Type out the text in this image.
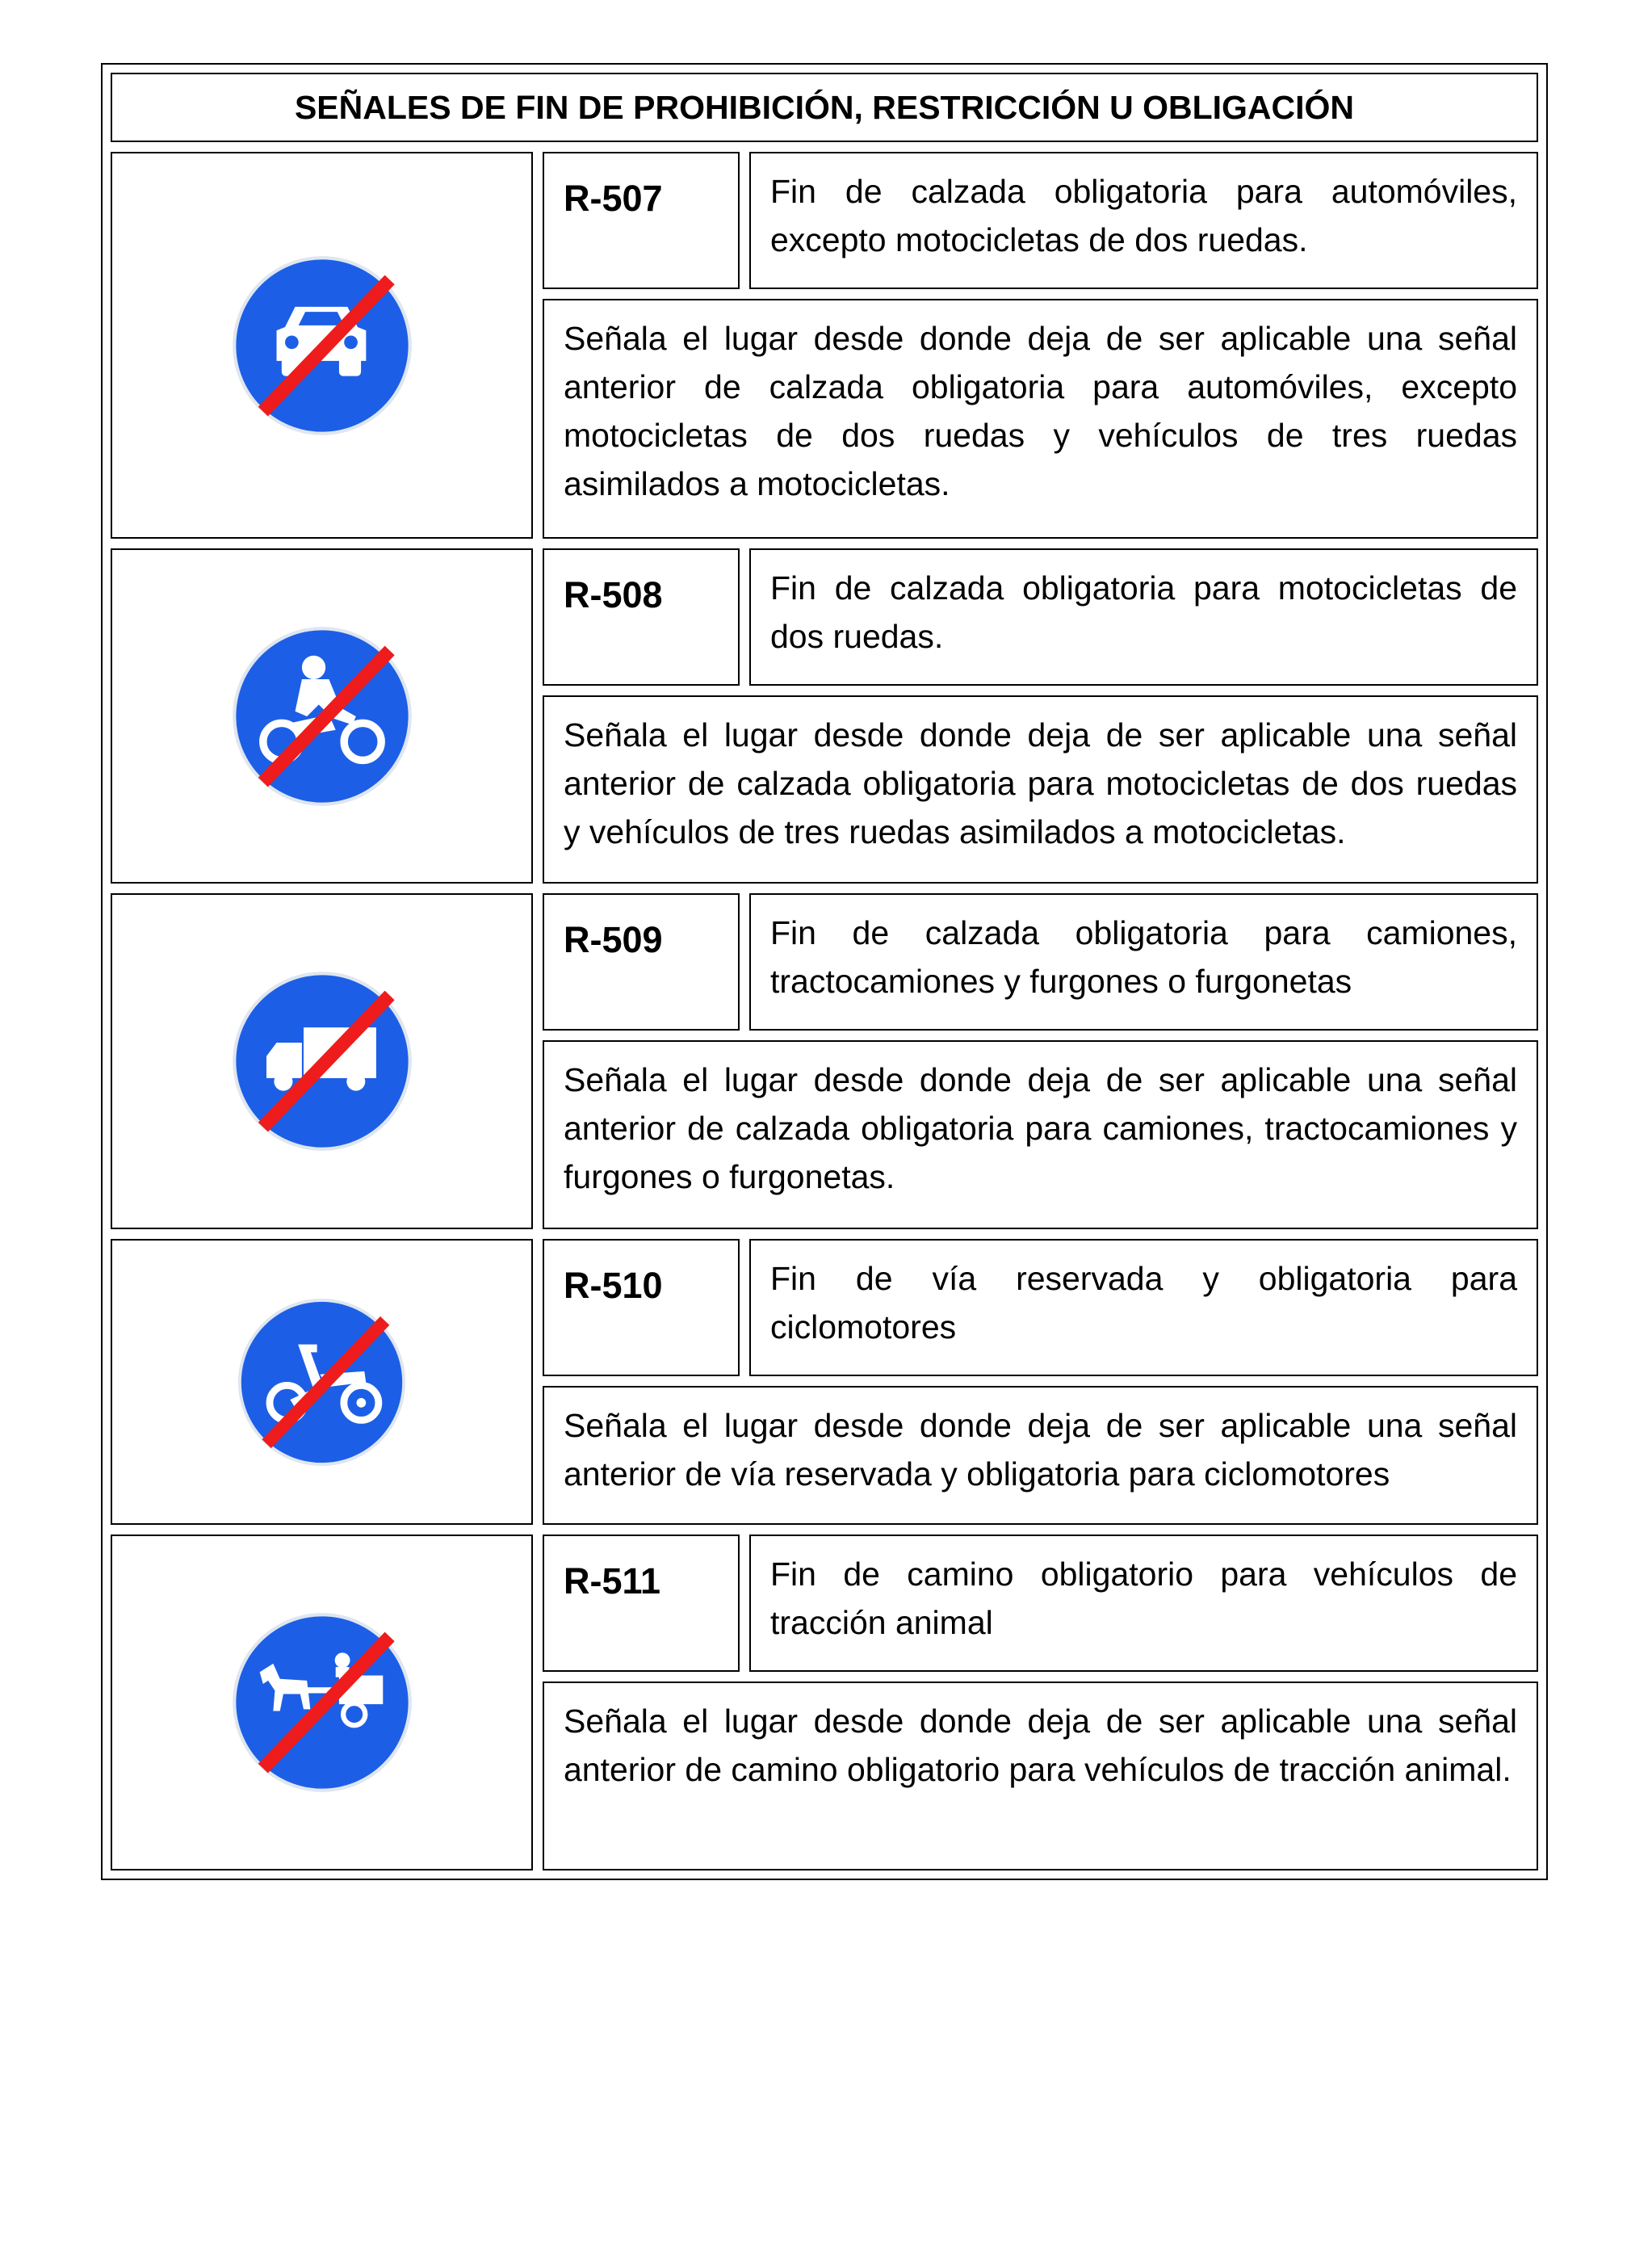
SEÑALES DE FIN DE PROHIBICIÓN, RESTRICCIÓN U OBLIGACIÓN
R-507	Fin de calzada obligatoria para automóviles, excepto motocicletas de dos ruedas.
Señala el lugar desde donde deja de ser aplicable una señal anterior de calzada obligatoria para automóviles, excepto motocicletas de dos ruedas y vehículos de tres ruedas asimilados a motocicletas.
R-508	Fin de calzada obligatoria para motocicletas de dos ruedas.
Señala el lugar desde donde deja de ser aplicable una señal anterior de calzada obligatoria para motocicletas de dos ruedas y vehículos de tres ruedas asimilados a motocicletas.
R-509	Fin de calzada obligatoria para camiones, tractocamiones y furgones o furgonetas
Señala el lugar desde donde deja de ser aplicable una señal anterior de calzada obligatoria para camiones, tractocamiones y furgones o furgonetas.
R-510	Fin de vía reservada y obligatoria para ciclomotores
Señala el lugar desde donde deja de ser aplicable una señal anterior de vía reservada y obligatoria para ciclomotores
R-511	Fin de camino obligatorio para vehículos de tracción animal
Señala el lugar desde donde deja de ser aplicable una señal anterior de camino obligatorio para vehículos de tracción animal.
